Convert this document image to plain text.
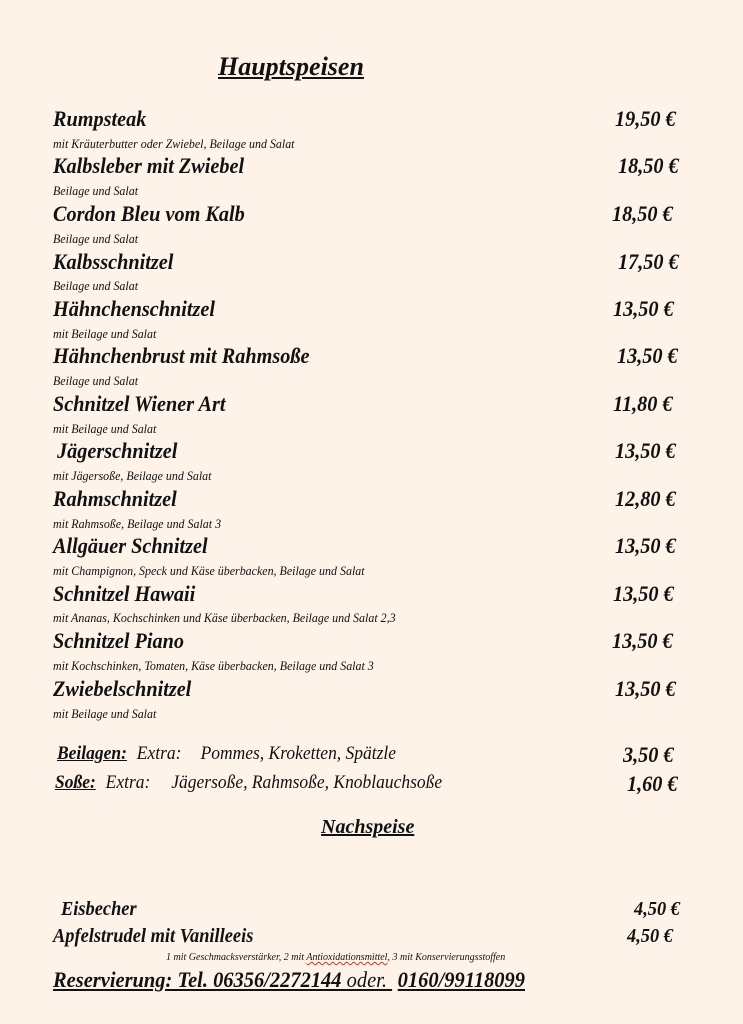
Hauptspeisen
Rumpsteak	19,50 €
mit Kräuterbutter oder Zwiebel, Beilage und Salat
Kalbsleber mit Zwiebel	18,50 €
Beilage und Salat
Cordon Bleu vom Kalb	18,50 €
Beilage und Salat
Kalbsschnitzel	17,50 €
Beilage und Salat
Hähnchenschnitzel	13,50 €
mit Beilage und Salat
Hähnchenbrust mit Rahmsoße	13,50 €
Beilage und Salat
Schnitzel Wiener Art	11,80 €
mit Beilage und Salat
Jägerschnitzel	13,50 €
mit Jägersoße, Beilage und Salat
Rahmschnitzel	12,80 €
mit Rahmsoße, Beilage und Salat 3
Allgäuer Schnitzel	13,50 €
mit Champignon, Speck und Käse überbacken, Beilage und Salat
Schnitzel Hawaii	13,50 €
mit Ananas, Kochschinken und Käse überbacken, Beilage und Salat 2,3
Schnitzel Piano	13,50 €
mit Kochschinken, Tomaten, Käse überbacken, Beilage und Salat 3
Zwiebelschnitzel	13,50 €
mit Beilage und Salat
Beilagen: Extra: Pommes, Kroketten, Spätzle	3,50 €
Soße: Extra: Jägersoße, Rahmsoße, Knoblauchsoße	1,60 €
Nachspeise
Eisbecher	4,50 €
Apfelstrudel mit Vanilleeis	4,50 €
1 mit Geschmacksverstärker, 2 mit Antioxidationsmittel, 3 mit Konservierungsstoffen
Reservierung: Tel. 06356/2272144 oder. 0160/99118099
